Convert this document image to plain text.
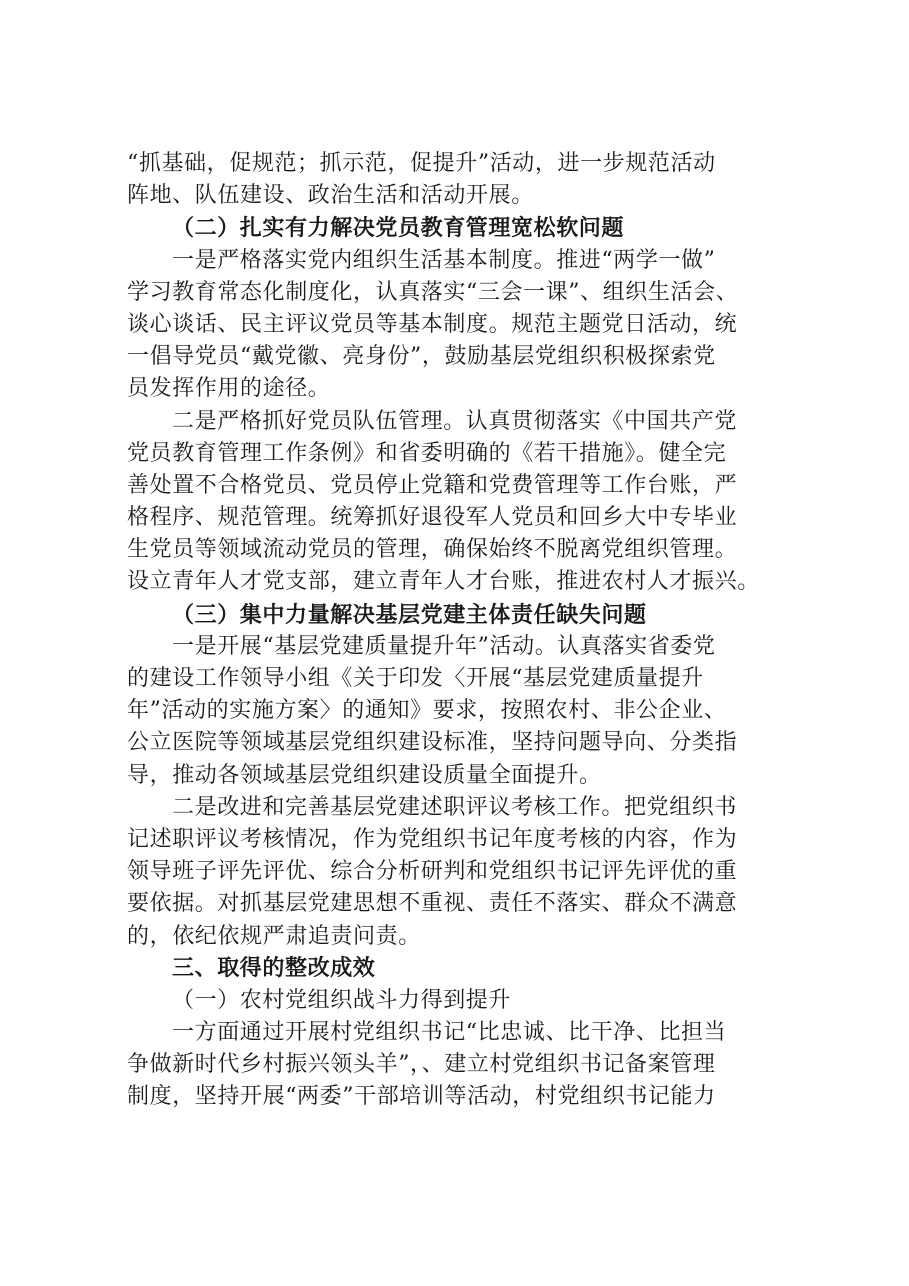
“抓基础，促规范；抓示范，促提升”活动，进一步规范活动
阵地、队伍建设、政治生活和活动开展。
（二）扎实有力解决党员教育管理宽松软问题
一是严格落实党内组织生活基本制度。推进“两学一做”
学习教育常态化制度化，认真落实“三会一课”、组织生活会、
谈心谈话、民主评议党员等基本制度。规范主题党日活动，统
一倡导党员“戴党徽、亮身份”，鼓励基层党组织积极探索党
员发挥作用的途径。
二是严格抓好党员队伍管理。认真贯彻落实《中国共产党
党员教育管理工作条例》和省委明确的《若干措施》。健全完
善处置不合格党员、党员停止党籍和党费管理等工作台账，严
格程序、规范管理。统筹抓好退役军人党员和回乡大中专毕业
生党员等领域流动党员的管理，确保始终不脱离党组织管理。
设立青年人才党支部，建立青年人才台账，推进农村人才振兴。
（三）集中力量解决基层党建主体责任缺失问题
一是开展“基层党建质量提升年”活动。认真落实省委党
的建设工作领导小组《关于印发〈开展“基层党建质量提升
年”活动的实施方案〉的通知》要求，按照农村、非公企业、
公立医院等领域基层党组织建设标准，坚持问题导向、分类指
导，推动各领域基层党组织建设质量全面提升。
二是改进和完善基层党建述职评议考核工作。把党组织书
记述职评议考核情况，作为党组织书记年度考核的内容，作为
领导班子评先评优、综合分析研判和党组织书记评先评优的重
要依据。对抓基层党建思想不重视、责任不落实、群众不满意
的，依纪依规严肃追责问责。
三、取得的整改成效
（一）农村党组织战斗力得到提升
一方面通过开展村党组织书记“比忠诚、比干净、比担当
争做新时代乡村振兴领头羊”，、建立村党组织书记备案管理
制度，坚持开展“两委”干部培训等活动，村党组织书记能力
